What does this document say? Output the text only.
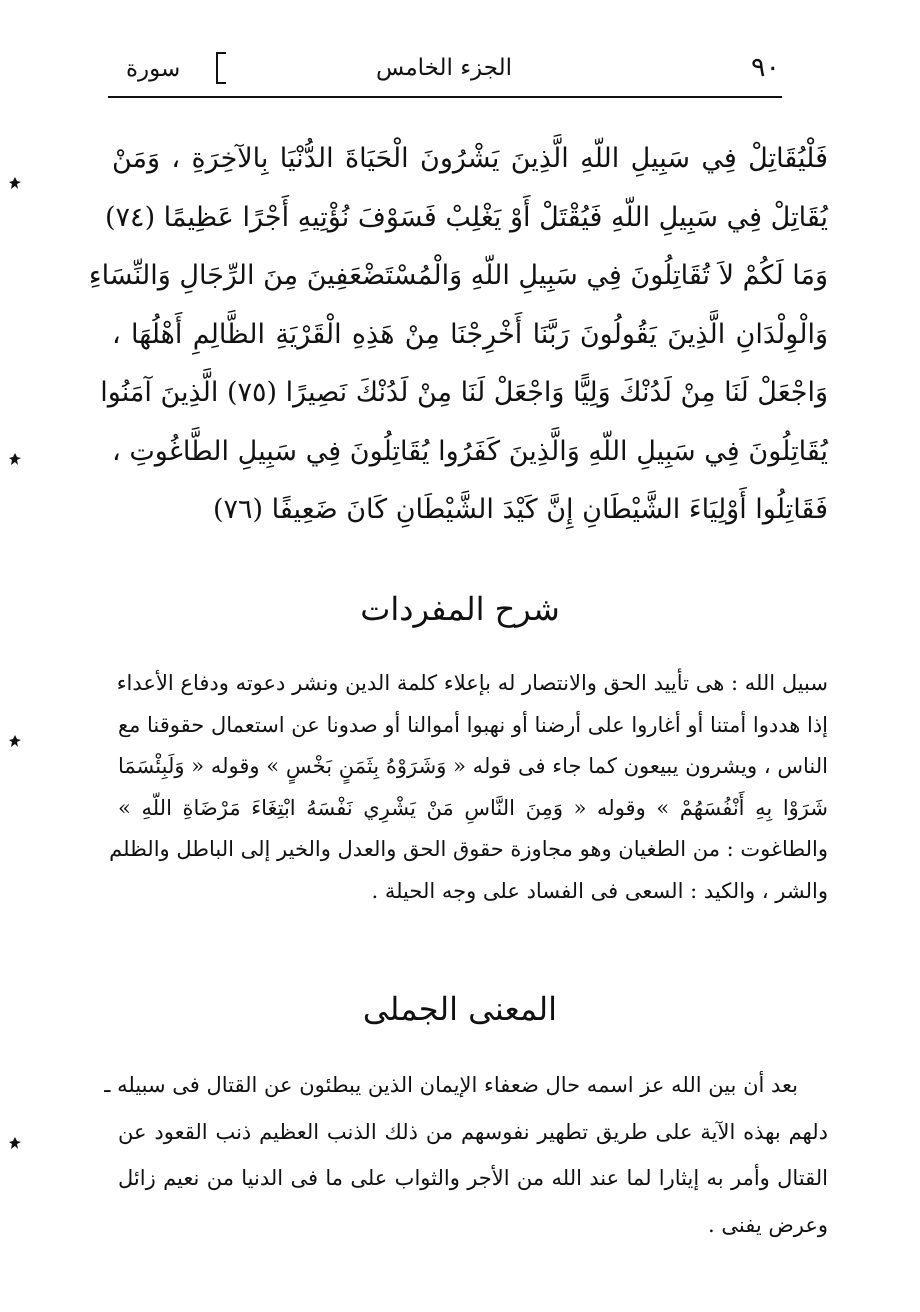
٩٠
الجزء الخامس
سورة
فَلْيُقَاتِلْ فِي سَبِيلِ اللّهِ الَّذِينَ يَشْرُونَ الْحَيَاةَ الدُّنْيَا بِالآخِرَةِ ، وَمَنْ
يُقَاتِلْ فِي سَبِيلِ اللّهِ فَيُقْتَلْ أَوْ يَغْلِبْ فَسَوْفَ نُؤْتِيهِ أَجْرًا عَظِيمًا (٧٤)
وَمَا لَكُمْ لاَ تُقَاتِلُونَ فِي سَبِيلِ اللّهِ وَالْمُسْتَضْعَفِينَ مِنَ الرِّجَالِ وَالنِّسَاءِ
وَالْوِلْدَانِ الَّذِينَ يَقُولُونَ رَبَّنَا أَخْرِجْنَا مِنْ هَذِهِ الْقَرْيَةِ الظَّالِمِ أَهْلُهَا ،
وَاجْعَلْ لَنَا مِنْ لَدُنْكَ وَلِيًّا وَاجْعَلْ لَنَا مِنْ لَدُنْكَ نَصِيرًا (٧٥) الَّذِينَ آمَنُوا
يُقَاتِلُونَ فِي سَبِيلِ اللّهِ وَالَّذِينَ كَفَرُوا يُقَاتِلُونَ فِي سَبِيلِ الطَّاغُوتِ ،
فَقَاتِلُوا أَوْلِيَاءَ الشَّيْطَانِ إِنَّ كَيْدَ الشَّيْطَانِ كَانَ ضَعِيفًا (٧٦)
شرح المفردات
سبيل الله : هى تأييد الحق والانتصار له بإعلاء كلمة الدين ونشر دعوته ودفاع الأعداء
إذا هددوا أمتنا أو أغاروا على أرضنا أو نهبوا أموالنا أو صدونا عن استعمال حقوقنا مع
الناس ، ويشرون يبيعون كما جاء فى قوله « وَشَرَوْهُ بِثَمَنٍ بَخْسٍ » وقوله « وَلَبِئْسَمَا
شَرَوْا بِهِ أَنْفُسَهُمْ » وقوله « وَمِنَ النَّاسِ مَنْ يَشْرِي نَفْسَهُ ابْتِغَاءَ مَرْضَاةِ اللّهِ »
والطاغوت : من الطغيان وهو مجاوزة حقوق الحق والعدل والخير إلى الباطل والظلم
والشر ، والكيد : السعى فى الفساد على وجه الحيلة .
المعنى الجملى
بعد أن بين الله عز اسمه حال ضعفاء الإيمان الذين يبطئون عن القتال فى سبيله ـ
دلهم بهذه الآية على طريق تطهير نفوسهم من ذلك الذنب العظيم ذنب القعود عن
القتال وأمر به إيثارا لما عند الله من الأجر والثواب على ما فى الدنيا من نعيم زائل
وعرض يفنى .
